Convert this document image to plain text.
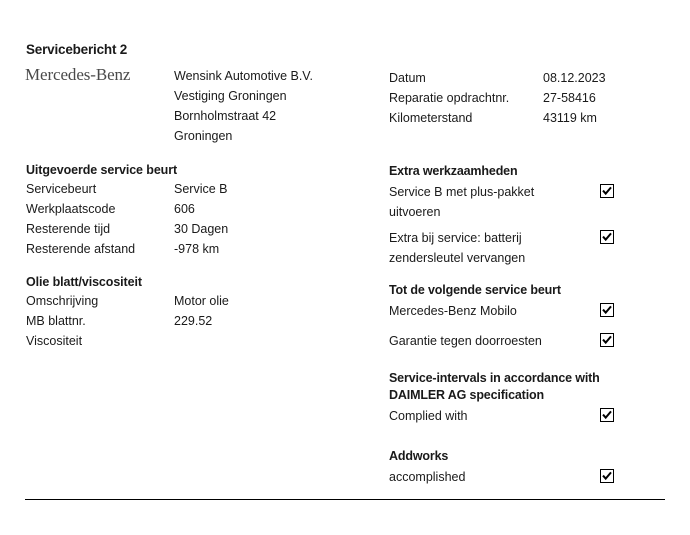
Servicebericht 2
Mercedes-Benz	Wensink Automotive B.V.
Vestiging Groningen
Bornholmstraat 42
Groningen
Datum	08.12.2023
Reparatie opdrachtnr.	27-58416
Kilometerstand	43119 km
Uitgevoerde service beurt
Servicebeurt	Service B
Werkplaatscode	606
Resterende tijd	30 Dagen
Resterende afstand	-978 km
Olie blatt/viscositeit
Omschrijving	Motor olie
MB blattnr.	229.52
Viscositeit
Extra werkzaamheden
Service B met plus-pakket uitvoeren
Extra bij service: batterij zendersleutel vervangen
Tot de volgende service beurt
Mercedes-Benz Mobilo
Garantie tegen doorroesten
Service-intervals in accordance with DAIMLER AG specification
Complied with
Addworks
accomplished
